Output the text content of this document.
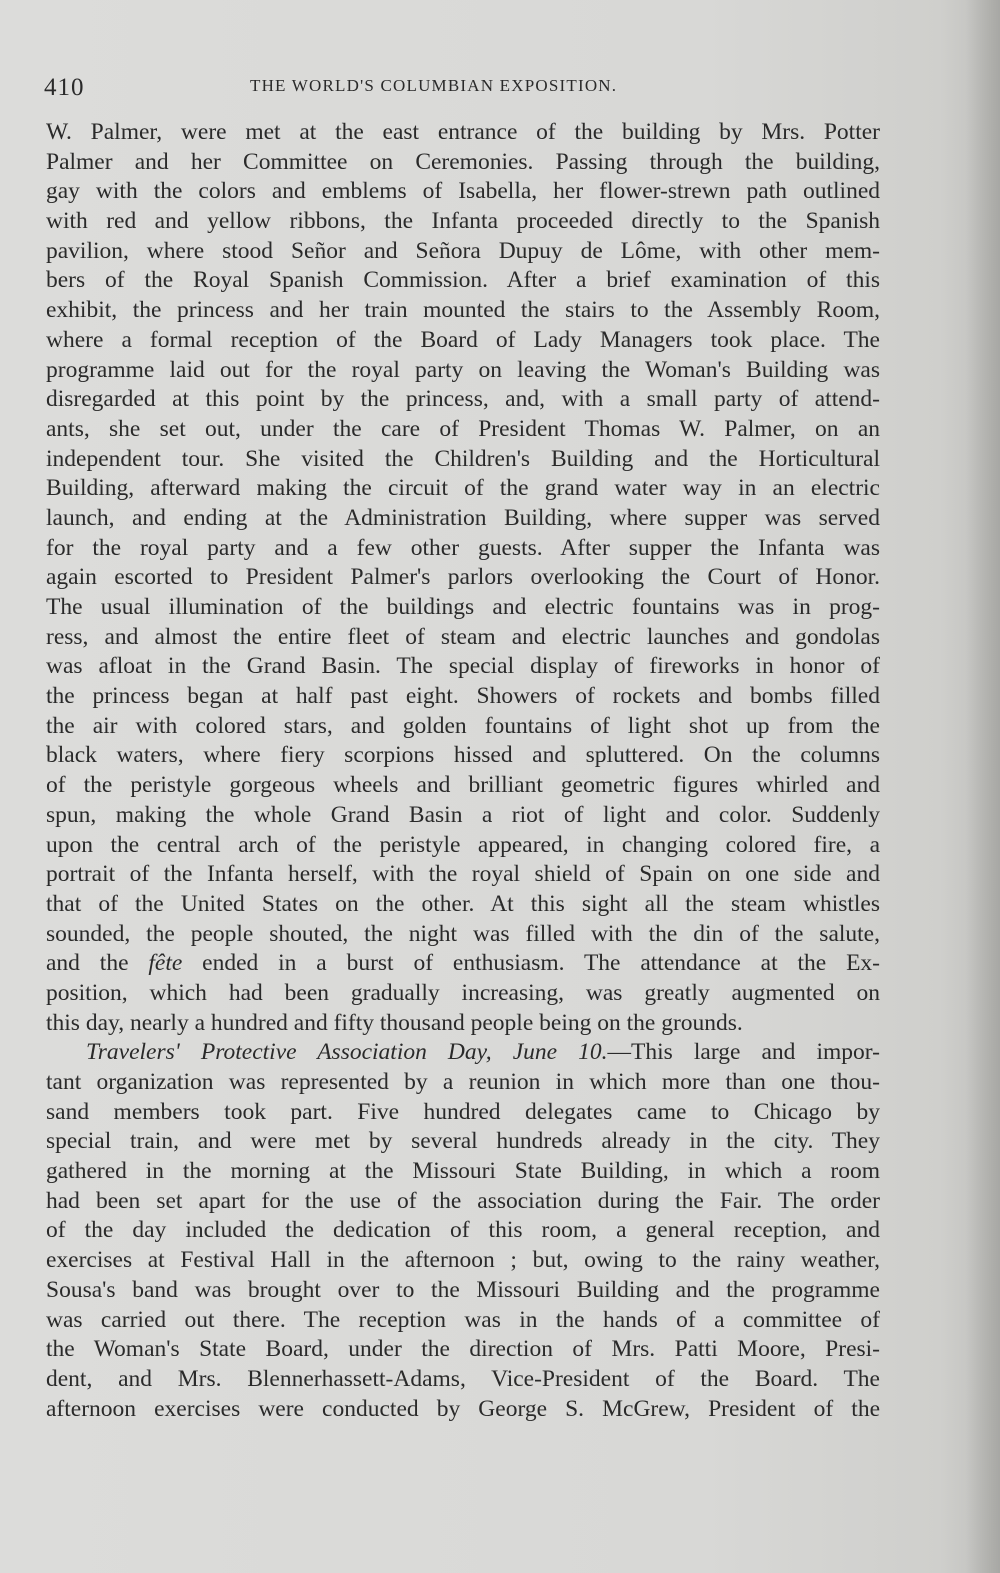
410	THE WORLD'S COLUMBIAN EXPOSITION.
W. Palmer, were met at the east entrance of the building by Mrs. Potter
Palmer and her Committee on Ceremonies. Passing through the building,
gay with the colors and emblems of Isabella, her flower-strewn path outlined
with red and yellow ribbons, the Infanta proceeded directly to the Spanish
pavilion, where stood Señor and Señora Dupuy de Lôme, with other mem-
bers of the Royal Spanish Commission. After a brief examination of this
exhibit, the princess and her train mounted the stairs to the Assembly Room,
where a formal reception of the Board of Lady Managers took place. The
programme laid out for the royal party on leaving the Woman's Building was
disregarded at this point by the princess, and, with a small party of attend-
ants, she set out, under the care of President Thomas W. Palmer, on an
independent tour. She visited the Children's Building and the Horticultural
Building, afterward making the circuit of the grand water way in an electric
launch, and ending at the Administration Building, where supper was served
for the royal party and a few other guests. After supper the Infanta was
again escorted to President Palmer's parlors overlooking the Court of Honor.
The usual illumination of the buildings and electric fountains was in prog-
ress, and almost the entire fleet of steam and electric launches and gondolas
was afloat in the Grand Basin. The special display of fireworks in honor of
the princess began at half past eight. Showers of rockets and bombs filled
the air with colored stars, and golden fountains of light shot up from the
black waters, where fiery scorpions hissed and spluttered. On the columns
of the peristyle gorgeous wheels and brilliant geometric figures whirled and
spun, making the whole Grand Basin a riot of light and color. Suddenly
upon the central arch of the peristyle appeared, in changing colored fire, a
portrait of the Infanta herself, with the royal shield of Spain on one side and
that of the United States on the other. At this sight all the steam whistles
sounded, the people shouted, the night was filled with the din of the salute,
and the fête ended in a burst of enthusiasm. The attendance at the Ex-
position, which had been gradually increasing, was greatly augmented on
this day, nearly a hundred and fifty thousand people being on the grounds.
Travelers' Protective Association Day, June 10.—This large and impor-
tant organization was represented by a reunion in which more than one thou-
sand members took part. Five hundred delegates came to Chicago by
special train, and were met by several hundreds already in the city. They
gathered in the morning at the Missouri State Building, in which a room
had been set apart for the use of the association during the Fair. The order
of the day included the dedication of this room, a general reception, and
exercises at Festival Hall in the afternoon ; but, owing to the rainy weather,
Sousa's band was brought over to the Missouri Building and the programme
was carried out there. The reception was in the hands of a committee of
the Woman's State Board, under the direction of Mrs. Patti Moore, Presi-
dent, and Mrs. Blennerhassett-Adams, Vice-President of the Board. The
afternoon exercises were conducted by George S. McGrew, President of the
